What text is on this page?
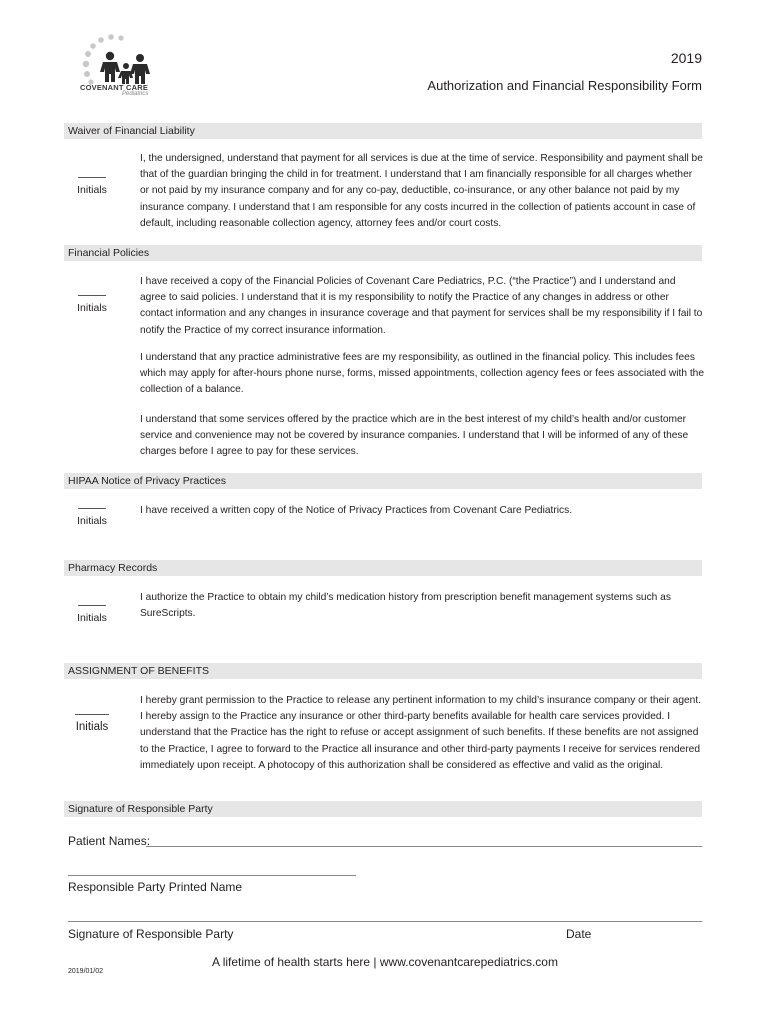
COVENANT CARE
Pediatrics
2019
Authorization and Financial Responsibility Form
Waiver of Financial Liability
Initials

I, the undersigned, understand that payment for all services is due at the time of service. Responsibility and payment shall be that of the guardian bringing the child in for treatment. I understand that I am financially responsible for all charges whether or not paid by my insurance company and for any co-pay, deductible, co-insurance, or any other balance not paid by my insurance company. I understand that I am responsible for any costs incurred in the collection of patients account in case of default, including reasonable collection agency, attorney fees and/or court costs.

Financial Policies
Initials

I have received a copy of the Financial Policies of Covenant Care Pediatrics, P.C. (“the Practice”) and I understand and agree to said policies. I understand that it is my responsibility to notify the Practice of any changes in address or other contact information and any changes in insurance coverage and that payment for services shall be my responsibility if I fail to notify the Practice of my correct insurance information.

I understand that any practice administrative fees are my responsibility, as outlined in the financial policy. This includes fees which may apply for after-hours phone nurse, forms, missed appointments, collection agency fees or fees associated with the collection of a balance.

I understand that some services offered by the practice which are in the best interest of my child’s health and/or customer service and convenience may not be covered by insurance companies. I understand that I will be informed of any of these charges before I agree to pay for these services.

HIPAA Notice of Privacy Practices
Initials

I have received a written copy of the Notice of Privacy Practices from Covenant Care Pediatrics.

Pharmacy Records
Initials

I authorize the Practice to obtain my child’s medication history from prescription benefit management systems such as SureScripts.

ASSIGNMENT OF BENEFITS
Initials

I hereby grant permission to the Practice to release any pertinent information to my child’s insurance company or their agent. I hereby assign to the Practice any insurance or other third-party benefits available for health care services provided. I understand that the Practice has the right to refuse or accept assignment of such benefits. If these benefits are not assigned to the Practice, I agree to forward to the Practice all insurance and other third-party payments I receive for services rendered immediately upon receipt. A photocopy of this authorization shall be considered as effective and valid as the original.

Signature of Responsible Party
Patient Names:
Responsible Party Printed Name
Signature of Responsible Party	Date
A lifetime of health starts here | www.covenantcarepediatrics.com
2019/01/02
